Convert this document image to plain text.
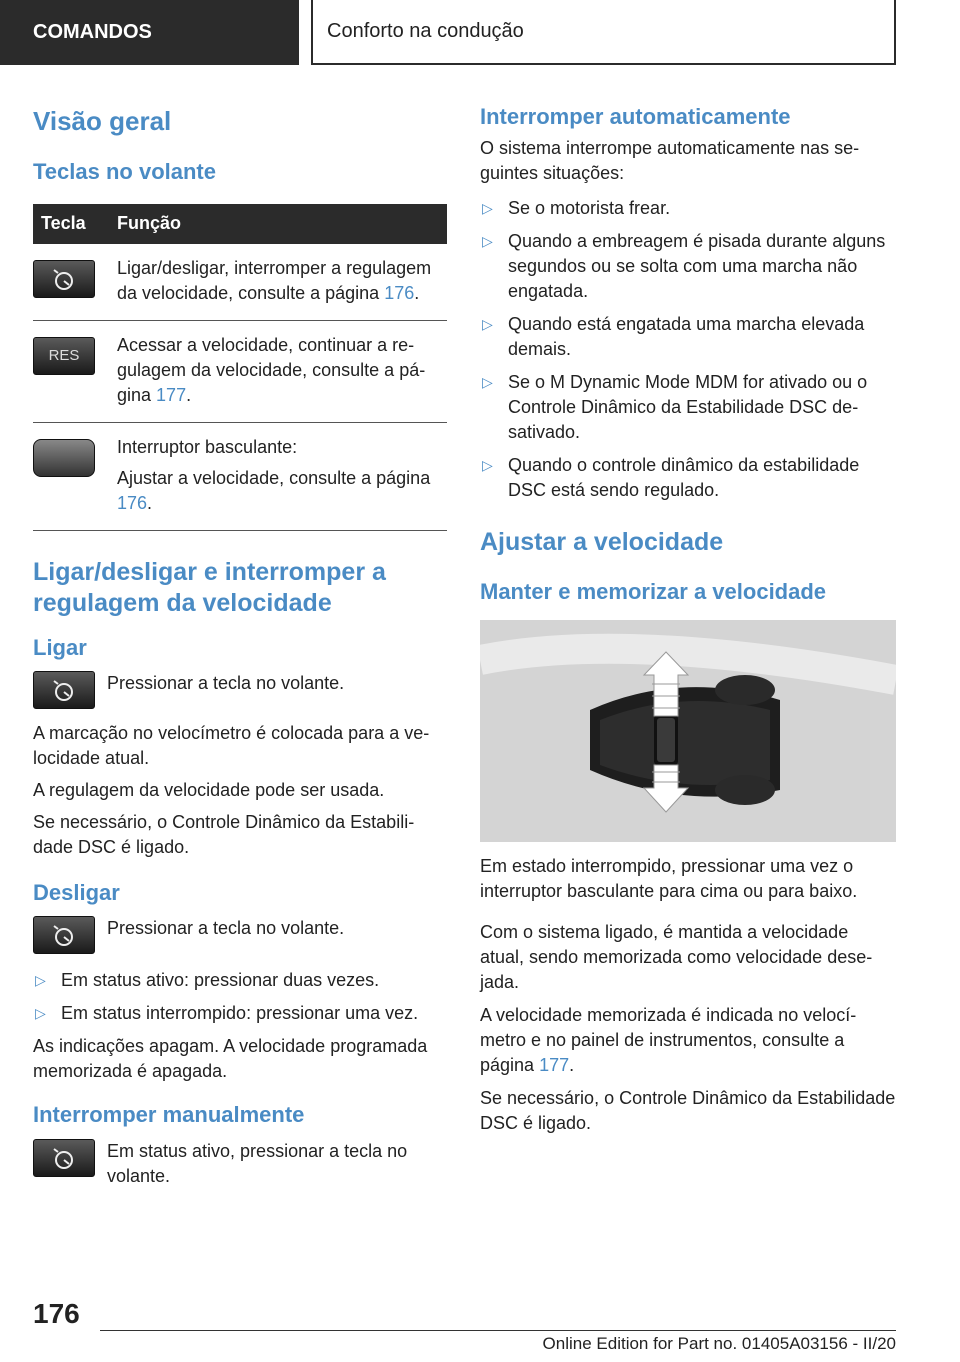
COMANDOS	Conforto na condução
Visão geral
Teclas no volante
Tecla	Função

Ligar/desligar, interromper a regulagem da velocidade, consulte a página 176.

RES

Acessar a velocidade, continuar a regulagem da velocidade, consulte a página 177.

Interruptor basculante:

Ajustar a velocidade, consulte a página 176.

Ligar/desligar e interromper a regulagem da velocidade
Ligar

Pressionar a tecla no volante.

A marcação no velocímetro é colocada para a velocidade atual.

A regulagem da velocidade pode ser usada.

Se necessário, o Controle Dinâmico da Estabilidade DSC é ligado.

Desligar

Pressionar a tecla no volante.

▷ Em status ativo: pressionar duas vezes.
▷ Em status interrompido: pressionar uma vez.

As indicações apagam. A velocidade programada memorizada é apagada.

Interromper manualmente

Em status ativo, pressionar a tecla no volante.

Interromper automaticamente

O sistema interrompe automaticamente nas seguintes situações:

▷ Se o motorista frear.
▷ Quando a embreagem é pisada durante alguns segundos ou se solta com uma marcha não engatada.
▷ Quando está engatada uma marcha elevada demais.
▷ Se o M Dynamic Mode MDM for ativado ou o Controle Dinâmico da Estabilidade DSC desativado.
▷ Quando o controle dinâmico da estabilidade DSC está sendo regulado.
Ajustar a velocidade
Manter e memorizar a velocidade

Em estado interrompido, pressionar uma vez o interruptor basculante para cima ou para baixo.

Com o sistema ligado, é mantida a velocidade atual, sendo memorizada como velocidade desejada.

A velocidade memorizada é indicada no velocímetro e no painel de instrumentos, consulte a página 177.

Se necessário, o Controle Dinâmico da Estabilidade DSC é ligado.

176
Online Edition for Part no. 01405A03156 - II/20
